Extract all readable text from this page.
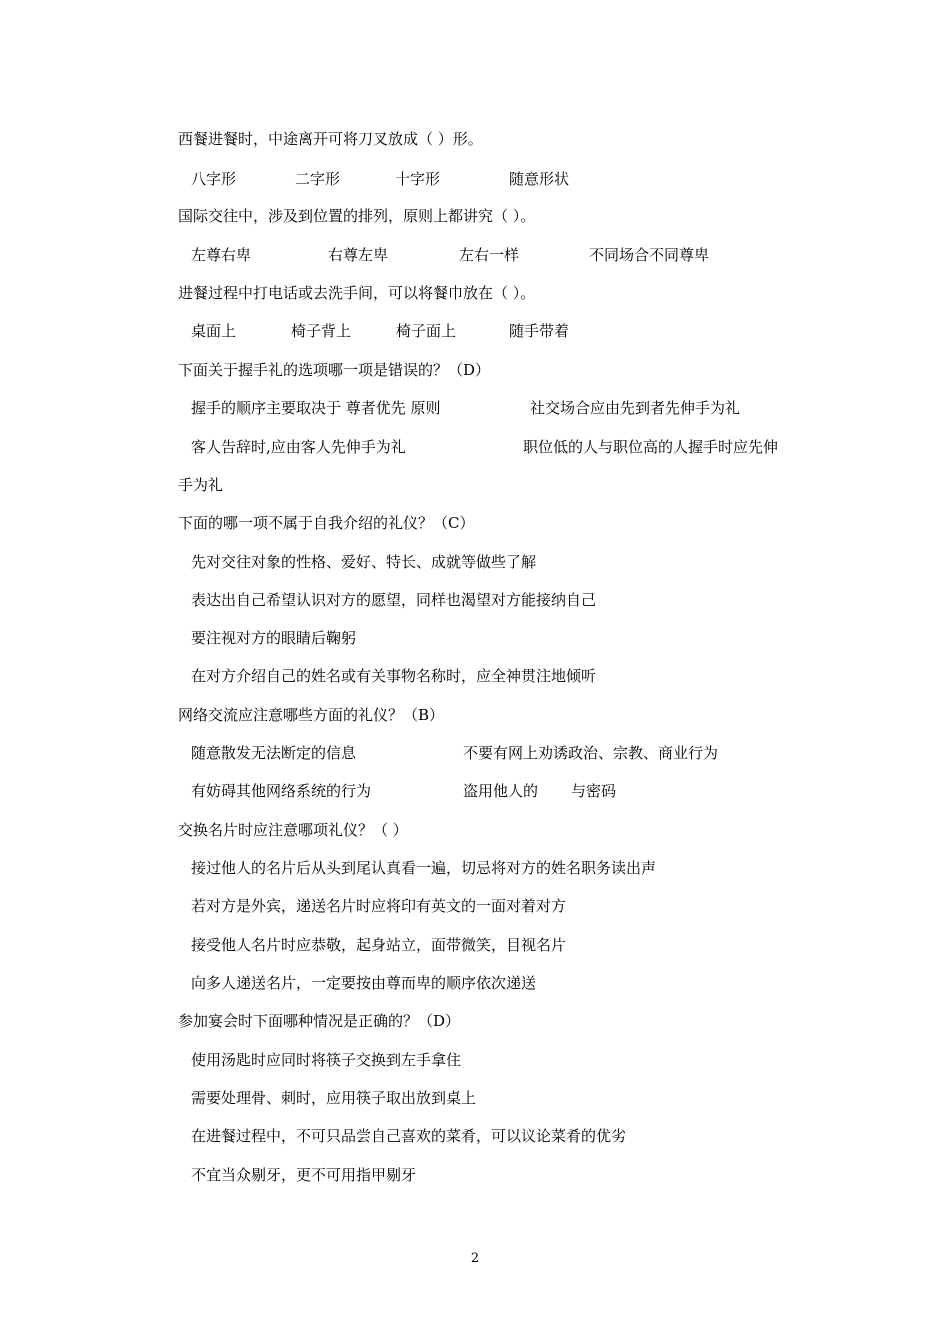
西餐进餐时，中途离开可将刀叉放成（ ）形。
八字形	二字形	十字形	随意形状
国际交往中，涉及到位置的排列，原则上都讲究（ ）。
左尊右卑	右尊左卑	左右一样	不同场合不同尊卑
进餐过程中打电话或去洗手间，可以将餐巾放在（ ）。
桌面上	椅子背上	椅子面上	随手带着
下面关于握手礼的选项哪一项是错误的？（D）
握手的顺序主要取决于 尊者优先 原则	社交场合应由先到者先伸手为礼
客人告辞时,应由客人先伸手为礼	职位低的人与职位高的人握手时应先伸
手为礼
下面的哪一项不属于自我介绍的礼仪？（C）
先对交往对象的性格、爱好、特长、成就等做些了解
表达出自己希望认识对方的愿望，同样也渴望对方能接纳自己
要注视对方的眼睛后鞠躬
在对方介绍自己的姓名或有关事物名称时，应全神贯注地倾听
网络交流应注意哪些方面的礼仪？（B）
随意散发无法断定的信息	不要有网上劝诱政治、宗教、商业行为
有妨碍其他网络系统的行为	盗用他人的 与密码
交换名片时应注意哪项礼仪？（ ）
接过他人的名片后从头到尾认真看一遍，切忌将对方的姓名职务读出声
若对方是外宾，递送名片时应将印有英文的一面对着对方
接受他人名片时应恭敬，起身站立，面带微笑，目视名片
向多人递送名片，一定要按由尊而卑的顺序依次递送
参加宴会时下面哪种情况是正确的？（D）
使用汤匙时应同时将筷子交换到左手拿住
需要处理骨、刺时，应用筷子取出放到桌上
在进餐过程中，不可只品尝自己喜欢的菜肴，可以议论菜肴的优劣
不宜当众剔牙，更不可用指甲剔牙
2
